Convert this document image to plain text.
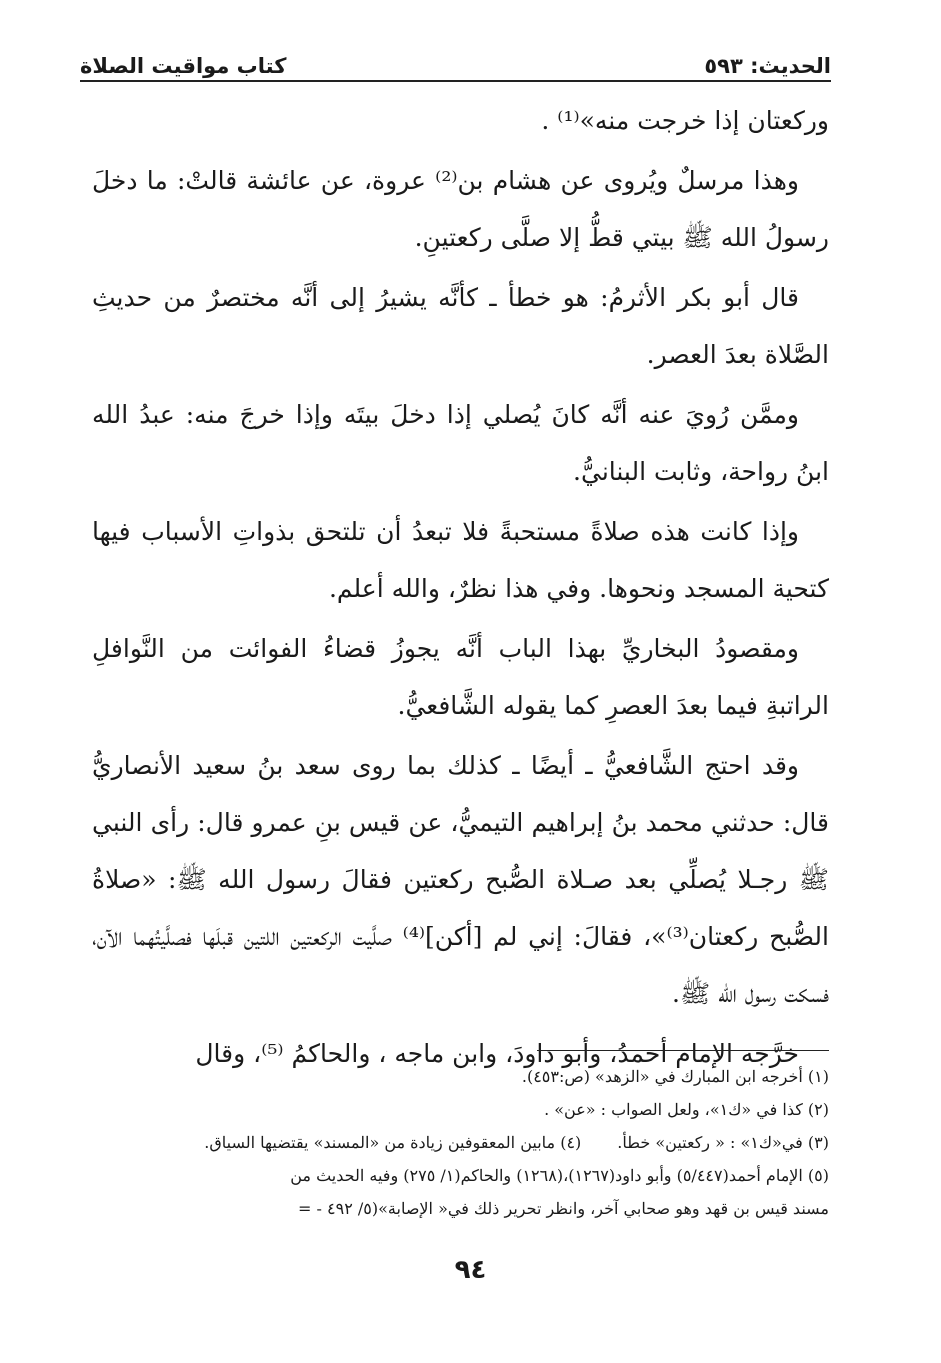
الحديث: ٥٩٣
كتاب مواقيت الصلاة

وركعتان إذا خرجت منه»⁽¹⁾ .

وهذا مرسلٌ ويُروى عن هشام بن⁽²⁾ عروة، عن عائشة قالتْ: ما دخلَ رسولُ الله ﷺ بيتي قطُّ إلا صلَّى ركعتينِ.

قال أبو بكر الأثرمُ: هو خطأ ـ كأنَّه يشيرُ إلى أنَّه مختصرٌ من حديثِ الصَّلاة بعدَ العصر.

وممَّن رُويَ عنه أنَّه كانَ يُصلي إذا دخلَ بيتَه وإذا خرجَ منه: عبدُ الله ابنُ رواحة، وثابت البنانيُّ.

وإذا كانت هذه صلاةً مستحبةً فلا تبعدُ أن تلتحق بذواتِ الأسباب فيها كتحية المسجد ونحوها. وفي هذا نظرٌ، والله أعلم.

ومقصودُ البخاريِّ بهذا الباب أنَّه يجوزُ قضاءُ الفوائت من النَّوافلِ الراتبةِ فيما بعدَ العصرِ كما يقوله الشَّافعيُّ.

وقد احتج الشَّافعيُّ ـ أيضًا ـ كذلك بما روى سعد بنُ سعيد الأنصاريُّ قال: حدثني محمد بنُ إبراهيم التيميُّ، عن قيس بنِ عمرو قال: رأى النبي ﷺ رجـلا يُصلِّي بعد صـلاة الصُّبح ركعتين فقالَ رسول الله ﷺ: «صلاةُ الصُّبح ركعتان⁽³⁾»، فقالَ: إني لم [أكن]⁽⁴⁾ صلَّيت الركعتين اللتين قبلَها فصلَّيتُهما الآن، فسكت رسول الله ﷺ.

خرَّجه الإمام أحمدُ، وأبو داودَ، وابن ماجه ، والحاكمُ ⁽⁵⁾، وقال

(١) أخرجه ابن المبارك في «الزهد» (ص:٤٥٣).

(٢) كذا في «ك١»، ولعل الصواب : «عن» .

(٣) في«ك١» : « ركعتين» خطأ.
(٤) مابين المعقوفين زيادة من «المسند» يقتضيها السياق.

(٥) الإمام أحمد(٥/٤٤٧) وأبو داود(١٢٦٧)،(١٢٦٨) والحاكم(١/ ٢٧٥) وفيه الحديث من

مسند قيس بن قهد وهو صحابي آخر، وانظر تحرير ذلك في« الإصابة»(٥/ ٤٩٢ - =

٩٤
